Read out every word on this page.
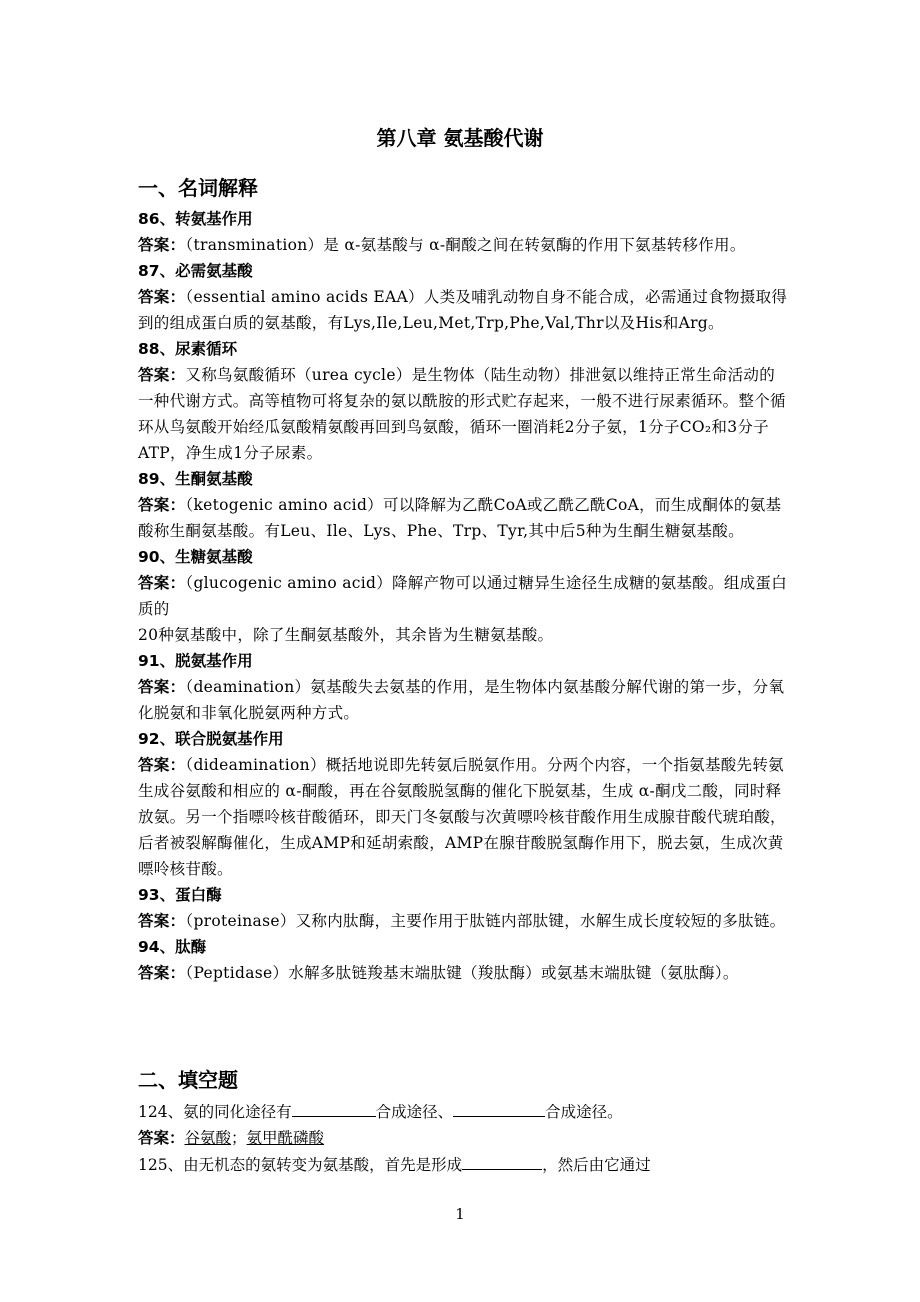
第八章 氨基酸代谢
一、名词解释
86、转氨基作用
答案：（transmination）是 α-氨基酸与 α-酮酸之间在转氨酶的作用下氨基转移作用。
87、必需氨基酸
答案：（essential amino acids EAA）人类及哺乳动物自身不能合成，必需通过食物摄取得到的组成蛋白质的氨基酸，有Lys,Ile,Leu,Met,Trp,Phe,Val,Thr以及His和Arg。
88、尿素循环
答案：又称鸟氨酸循环（urea cycle）是生物体（陆生动物）排泄氨以维持正常生命活动的一种代谢方式。高等植物可将复杂的氨以酰胺的形式贮存起来，一般不进行尿素循环。整个循环从鸟氨酸开始经瓜氨酸精氨酸再回到鸟氨酸，循环一圈消耗2分子氨，1分子CO₂和3分子ATP，净生成1分子尿素。
89、生酮氨基酸
答案：（ketogenic amino acid）可以降解为乙酰CoA或乙酰乙酰CoA，而生成酮体的氨基酸称生酮氨基酸。有Leu、Ile、Lys、Phe、Trp、Tyr,其中后5种为生酮生糖氨基酸。
90、生糖氨基酸
答案：（glucogenic amino acid）降解产物可以通过糖异生途径生成糖的氨基酸。组成蛋白质的
20种氨基酸中，除了生酮氨基酸外，其余皆为生糖氨基酸。
91、脱氨基作用
答案：（deamination）氨基酸失去氨基的作用，是生物体内氨基酸分解代谢的第一步，分氧化脱氨和非氧化脱氨两种方式。
92、联合脱氨基作用
答案：（dideamination）概括地说即先转氨后脱氨作用。分两个内容，一个指氨基酸先转氨生成谷氨酸和相应的 α-酮酸，再在谷氨酸脱氢酶的催化下脱氨基，生成 α-酮戊二酸，同时释放氨。另一个指嘌呤核苷酸循环，即天门冬氨酸与次黄嘌呤核苷酸作用生成腺苷酸代琥珀酸，后者被裂解酶催化，生成AMP和延胡索酸，AMP在腺苷酸脱氢酶作用下，脱去氨，生成次黄嘌呤核苷酸。
93、蛋白酶
答案：（proteinase）又称内肽酶，主要作用于肽链内部肽键，水解生成长度较短的多肽链。
94、肽酶
答案：（Peptidase）水解多肽链羧基末端肽键（羧肽酶）或氨基末端肽键（氨肽酶）。
二、填空题
124、氨的同化途径有	合成途径、	合成途径。
答案：谷氨酸；氨甲酰磷酸
125、由无机态的氨转变为氨基酸，首先是形成	，然后由它通过
1
